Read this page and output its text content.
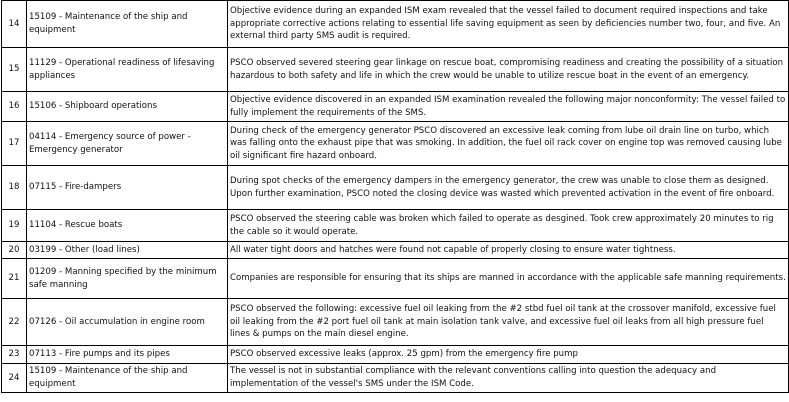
14	15109 - Maintenance of the ship and equipment	Objective evidence during an expanded ISM exam revealed that the vessel failed to document required inspections and take appropriate corrective actions relating to essential life saving equipment as seen by deficiencies number two, four, and five. An external third party SMS audit is required.
15	11129 - Operational readiness of lifesaving appliances	PSCO observed severed steering gear linkage on rescue boat, compromising readiness and creating the possibility of a situation hazardous to both safety and life in which the crew would be unable to utilize rescue boat in the event of an emergency.
16	15106 - Shipboard operations	Objective evidence discovered in an expanded ISM examination revealed the following major nonconformity: The vessel failed to fully implement the requirements of the SMS.
17	04114 - Emergency source of power - Emergency generator	During check of the emergency generator PSCO discovered an excessive leak coming from lube oil drain line on turbo, which was falling onto the exhaust pipe that was smoking. In addition, the fuel oil rack cover on engine top was removed causing lube oil significant fire hazard onboard.
18	07115 - Fire-dampers	During spot checks of the emergency dampers in the emergency generator, the crew was unable to close them as designed. Upon further examination, PSCO noted the closing device was wasted which prevented activation in the event of fire onboard.
19	11104 - Rescue boats	PSCO observed the steering cable was broken which failed to operate as desgined. Took crew approximately 20 minutes to rig the cable so it would operate.
20	03199 - Other (load lines)	All water tight doors and hatches were found not capable of properly closing to ensure water tightness.
21	01209 - Manning specified by the minimum safe manning	Companies are responsible for ensuring that its ships are manned in accordance with the applicable safe manning requirements.
22	07126 - Oil accumulation in engine room	PSCO observed the following: excessive fuel oil leaking from the #2 stbd fuel oil tank at the crossover manifold, excessive fuel oil leaking from the #2 port fuel oil tank at main isolation tank valve, and excessive fuel oil leaks from all high pressure fuel lines & pumps on the main diesel engine.
23	07113 - Fire pumps and its pipes	PSCO observed excessive leaks (approx. 25 gpm) from the emergency fire pump
24	15109 - Maintenance of the ship and equipment	The vessel is not in substantial compliance with the relevant conventions calling into question the adequacy and implementation of the vessel's SMS under the ISM Code.
